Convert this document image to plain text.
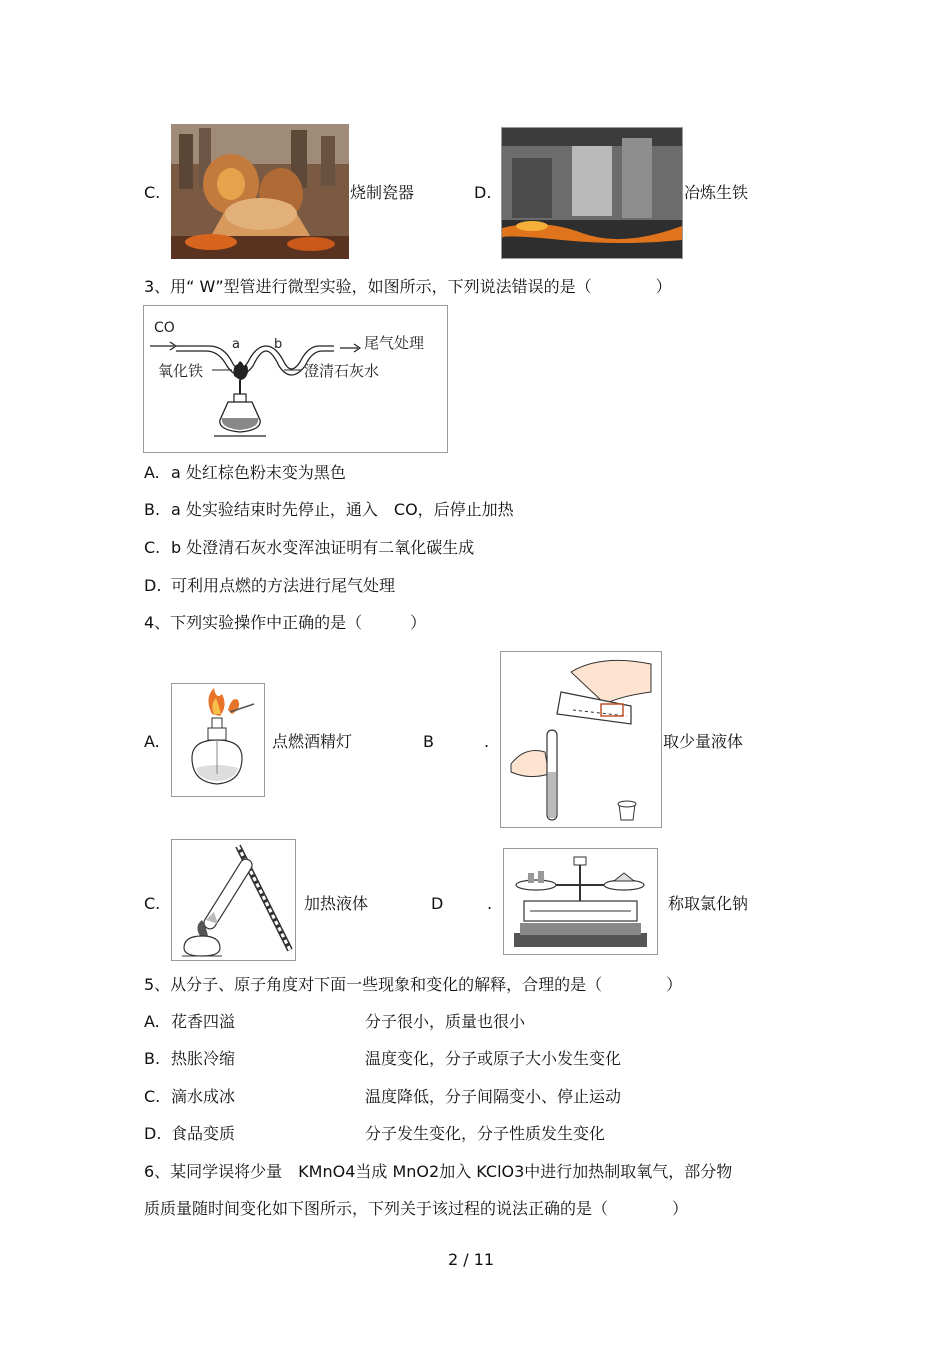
C.	烧制瓷器	D.	冶炼生铁
3、用“ W”型管进行微型实验，如图所示，下列说法错误的是（　　　　）
CO
a	b	尾气处理
氧化铁	澄清石灰水
A. a 处红棕色粉末变为黑色
B. a 处实验结束时先停止，通入　CO，后停止加热
C. b 处澄清石灰水变浑浊证明有二氧化碳生成
D. 可利用点燃的方法进行尾气处理
4、下列实验操作中正确的是（　　　）
A.	点燃酒精灯	B	.	取少量液体
C.	加热液体	D	.	称取氯化钠
5、从分子、原子角度对下面一些现象和变化的解释，合理的是（　　　　）
A. 花香四溢	分子很小，质量也很小
B. 热胀冷缩	温度变化，分子或原子大小发生变化
C. 滴水成冰	温度降低，分子间隔变小、停止运动
D. 食品变质	分子发生变化，分子性质发生变化
6、某同学误将少量　KMnO4当成 MnO2加入 KClO3中进行加热制取氧气，部分物
质质量随时间变化如下图所示，下列关于该过程的说法正确的是（　　　　）
2 / 11
